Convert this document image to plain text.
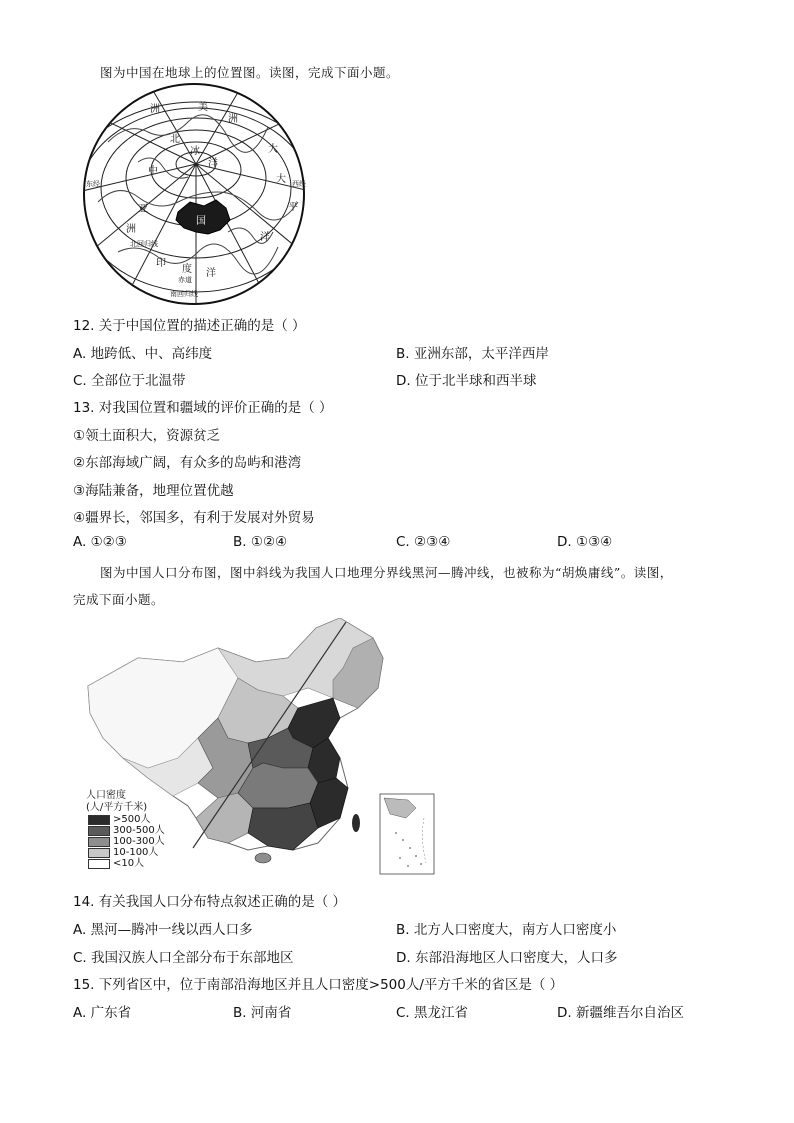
图为中国在地球上的位置图。读图，完成下面小题。
洲	美
洲
北
冰
洋
中
大
大
平
亚
洲
国
洋
印
度 洋
东经
赤道
西经
北回归线
南回归线
12. 关于中国位置的描述正确的是（ ）
A. 地跨低、中、高纬度	B. 亚洲东部，太平洋西岸
C. 全部位于北温带	D. 位于北半球和西半球
13. 对我国位置和疆域的评价正确的是（ ）
①领土面积大，资源贫乏
②东部海域广阔，有众多的岛屿和港湾
③海陆兼备，地理位置优越
④疆界长，邻国多，有利于发展对外贸易
A. ①②③	B. ①②④	C. ②③④	D. ①③④
图为中国人口分布图，图中斜线为我国人口地理分界线黑河—腾冲线，也被称为“胡焕庸线”。读图，
完成下面小题。
人口密度
(人/平方千米)
>500人
300-500人
100-300人
10-100人
<10人
14. 有关我国人口分布特点叙述正确的是（ ）
A. 黑河—腾冲一线以西人口多	B. 北方人口密度大，南方人口密度小
C. 我国汉族人口全部分布于东部地区	D. 东部沿海地区人口密度大，人口多
15. 下列省区中，位于南部沿海地区并且人口密度>500人/平方千米的省区是（ ）
A. 广东省	B. 河南省	C. 黑龙江省	D. 新疆维吾尔自治区
